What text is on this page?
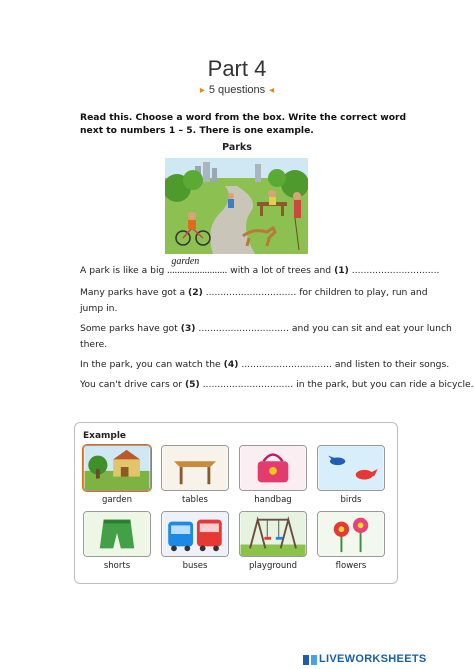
Part 4
▸ 5 questions ◂
Read this. Choose a word from the box. Write the correct word next to numbers 1 – 5. There is one example.
Parks
A park is like a big ........................
garden
with a lot of trees and (1) ..............................
Many parks have got a (2) ............................... for children to play, run and
jump in.
Some parks have got (3) ............................... and you can sit and eat your lunch
there.
In the park, you can watch the (4) ............................... and listen to their songs.
You can't drive cars or (5) ............................... in the park, but you can ride a bicycle.
Example
garden	tables	handbag	birds
shorts	buses	playground	flowers
LIVEWORKSHEETS
